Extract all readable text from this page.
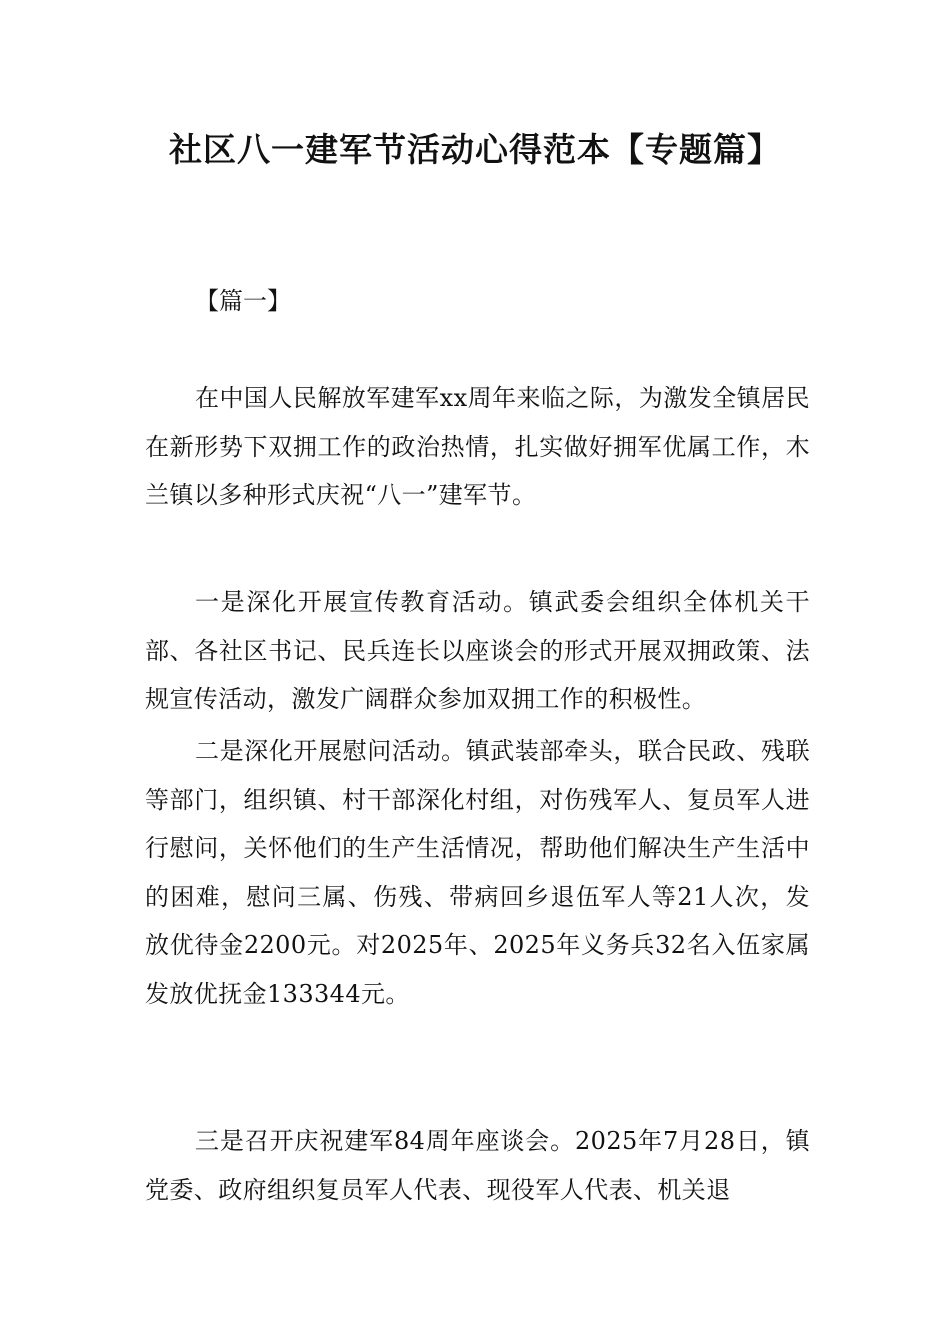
社区八一建军节活动心得范本【专题篇】

【篇一】

在中国人民解放军建军xx周年来临之际，为激发全镇居民在新形势下双拥工作的政治热情，扎实做好拥军优属工作，木兰镇以多种形式庆祝“八一”建军节。

一是深化开展宣传教育活动。镇武委会组织全体机关干部、各社区书记、民兵连长以座谈会的形式开展双拥政策、法规宣传活动，激发广阔群众参加双拥工作的积极性。

二是深化开展慰问活动。镇武装部牵头，联合民政、残联等部门，组织镇、村干部深化村组，对伤残军人、复员军人进行慰问，关怀他们的生产生活情况，帮助他们解决生产生活中的困难，慰问三属、伤残、带病回乡退伍军人等21人次，发放优待金2200元。对2025年、2025年义务兵32名入伍家属发放优抚金133344元。

三是召开庆祝建军84周年座谈会。2025年7月28日，镇党委、政府组织复员军人代表、现役军人代表、机关退
